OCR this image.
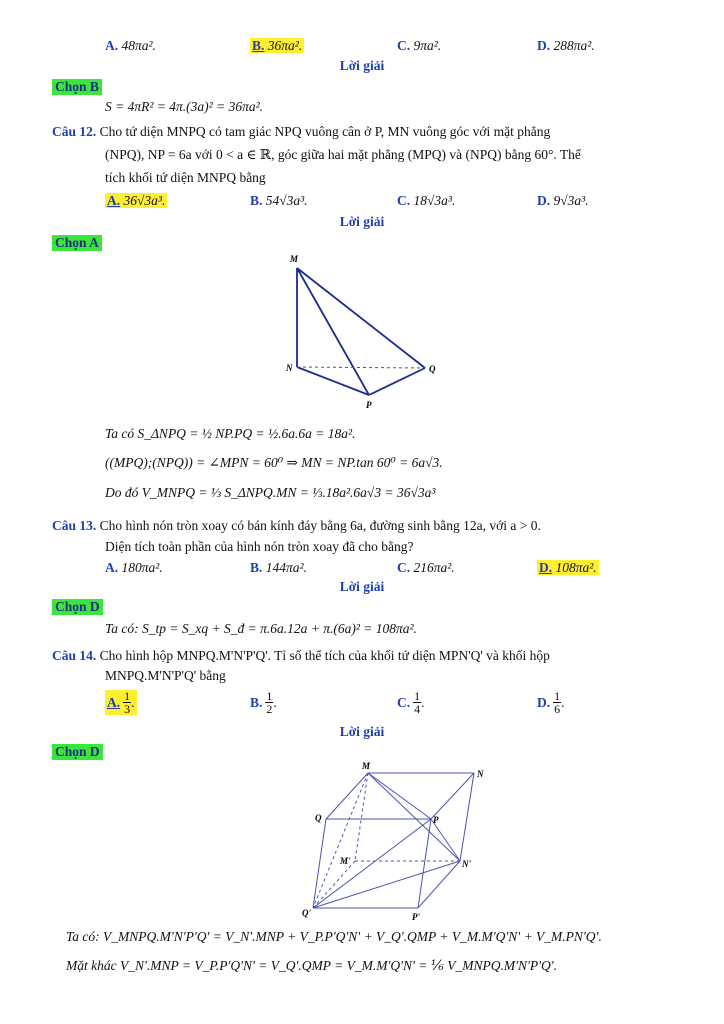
A. 48πa².	B. 36πa².	C. 9πa².	D. 288πa².
Lời giải
Chọn B
S = 4πR² = 4π.(3a)² = 36πa².
Câu 12. Cho tứ diện MNPQ có tam giác NPQ vuông cân ở P, MN vuông góc với mặt phẳng
(NPQ), NP = 6a với 0 < a ∈ ℝ, góc giữa hai mặt phẳng (MPQ) và (NPQ) bằng 60°. Thể
tích khối tứ diện MNPQ bằng
A. 36√3a³.	B. 54√3a³.	C. 18√3a³.	D. 9√3a³.
Lời giải
Chọn A
M
N
P
Q
Ta có S_ΔNPQ = ½ NP.PQ = ½.6a.6a = 18a².
((MPQ);(NPQ)) = ∠MPN = 60⁰ ⇒ MN = NP.tan 60⁰ = 6a√3.
Do đó V_MNPQ = ⅓ S_ΔNPQ.MN = ⅓.18a².6a√3 = 36√3a³
Câu 13. Cho hình nón tròn xoay có bán kính đáy bằng 6a, đường sinh bằng 12a, với a > 0.
Diện tích toàn phần của hình nón tròn xoay đã cho bằng?
A. 180πa².	B. 144πa².	C. 216πa².	D. 108πa².
Lời giải
Chọn D
Ta có: S_tp = S_xq + S_đ = π.6a.12a + π.(6a)² = 108πa².
Câu 14. Cho hình hộp MNPQ.M'N'P'Q'. Tỉ số thể tích của khối tứ diện MPN'Q' và khối hộp
MNPQ.M'N'P'Q' bằng
A. 1
3 .	B. 1
2 .	C. 1
4 .	D. 1
6 .
Lời giải
Chọn D
M
N
Q	P
M'	N'
Q'	P'
Ta có: V_MNPQ.M'N'P'Q' = V_N'.MNP + V_P.P'Q'N' + V_Q'.QMP + V_M.M'Q'N' + V_M.PN'Q'.
Mặt khác V_N'.MNP = V_P.P'Q'N' = V_Q'.QMP = V_M.M'Q'N' = ⅙ V_MNPQ.M'N'P'Q'.
